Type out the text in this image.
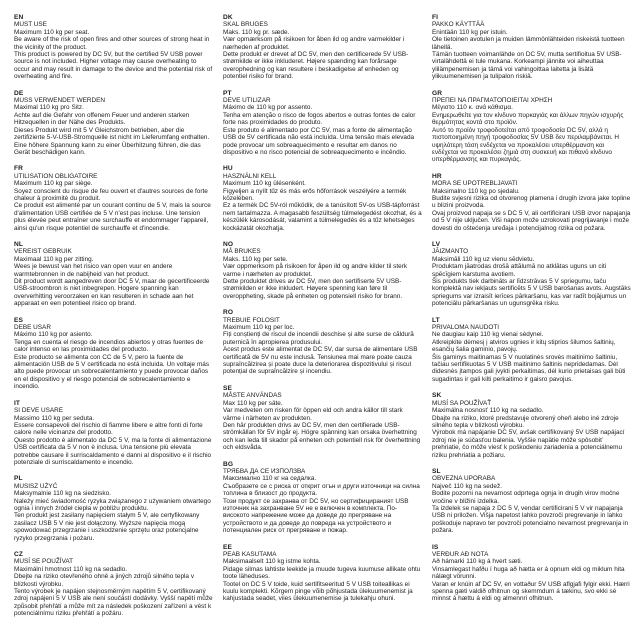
EN
MUST USE
Maximum 110 kg per seat.
Be aware of the risk of open fires and other sources of strong heat in the vicinity of the product.
This product is powered by DC 5V, but the certified 5V USB power source is not included. Higher voltage may cause overheating to occur and may result in damage to the device and the potential risk of overheating and fire.
DE
MUSS VERWENDET WERDEN
Maximal 110 kg pro Sitz.
Achte auf die Gefahr von offenem Feuer und anderen starken Hitzequellen in der Nähe des Produkts.
Dieses Produkt wird mit 5 V Gleichstrom betrieben, aber die zertifizierte 5-V-USB-Stromquelle ist nicht im Lieferumfang enthalten. Eine höhere Spannung kann zu einer Überhitzung führen, die das Gerät beschädigen kann.
FR
UTILISATION OBLIGATOIRE
Maximum 110 kg par siège.
Soyez conscient du risque de feu ouvert et d'autres sources de forte chaleur à proximité du produit.
Ce produit est alimenté par un courant continu de 5 V, mais la source d'alimentation USB certifiée de 5 V n'est pas incluse. Une tension plus élevée peut entraîner une surchauffe et endommager l'appareil, ainsi qu'un risque potentiel de surchauffe et d'incendie.
NL
VEREIST GEBRUIK
Maximaal 110 kg per zitting.
Wees je bewust van het risico van open vuur en andere warmtebronnen in de nabijheid van het product.
Dit product wordt aangedreven door DC 5 V, maar de gecertificeerde USB-stroombron is niet inbegrepen. Hogere spanning kan oververhitting veroorzaken en kan resulteren in schade aan het apparaat en een potentieel risico op brand.
ES
DEBE USAR
Máximo 110 kg por asiento.
Tenga en cuenta el riesgo de incendios abiertos y otras fuentes de calor intenso en las proximidades del producto.
Este producto se alimenta con CC de 5 V, pero la fuente de alimentación USB de 5 V certificada no está incluida. Un voltaje más alto puede provocar un sobrecalentamiento y puede provocar daños en el dispositivo y el riesgo potencial de sobrecalentamiento e incendio.
IT
SI DEVE USARE
Massimo 110 kg per seduta.
Essere consapevoli del rischio di fiamme libere e altre fonti di forte calore nelle vicinanze del prodotto.
Questo prodotto è alimentato da DC 5 V, ma la fonte di alimentazione USB certificata da 5 V non è inclusa. Una tensione più elevata potrebbe causare il surriscaldamento e danni al dispositivo e il rischio potenziale di surriscaldamento e incendio.
PL
MUSISZ UŻYĆ
Maksymalnie 110 kg na siedzisko.
Należy mieć świadomość ryzyka związanego z używaniem otwartego ognia i innych źródeł ciepła w pobliżu produktu.
Ten produkt jest zasilany napięciem stałym 5 V, ale certyfikowany zasilacz USB 5 V nie jest dołączony. Wyższe napięcia mogą spowodować przegrzanie i uszkodzenie sprzętu oraz potencjalne ryzyko przegrzania i pożaru.
CZ
MUSÍ SE POUŽÍVAT
Maximální hmotnost 110 kg na sedadlo.
Dbejte na riziko otevřeného ohně a jiných zdrojů silného tepla v blízkosti výrobku.
Tento výrobek je napájen stejnosměrným napětím 5 V, certifikovaný zdroj napájení 5 V USB ale není součástí dodávky. Vyšší napětí může způsobit přehřátí a může mít za následek poškození zařízení a vést k potenciálnímu riziku přehřátí a požáru.
DK
SKAL BRUGES
Maks. 110 kg pr. sæde.
Vær opmærksom på risikoen for åben ild og andre varmekilder i nærheden af produktet.
Dette produkt er drevet af DC 5V, men den certificerede 5V USB-strømkilde er ikke inkluderet. Højere spænding kan forårsage overophedning og kan resultere i beskadigelse af enheden og potentiel risiko for brand.
PT
DEVE UTILIZAR
Máximo de 110 kg por assento.
Tenha em atenção o risco de fogos abertos e outras fontes de calor forte nas proximidades do produto.
Este produto é alimentado por CC 5V, mas a fonte de alimentação USB de 5V certificada não está incluída. Uma tensão mais elevada pode provocar um sobreaquecimento e resultar em danos no dispositivo e no risco potencial de sobreaquecimento e incêndio.
HU
HASZNÁLNI KELL
Maximum 110 kg ülésenként.
Figyeljen a nyílt tűz és más erős hőforrások veszélyére a termék közelében.
Ez a termék DC 5V-ról működik, de a tanúsított 5V-os USB-tápforrást nem tartalmazza. A magasabb feszültség túlmelegedést okozhat, és a készülék károsodását, valamint a túlmelegedés és a tűz lehetséges kockázatát okozhatja.
NO
MÅ BRUKES
Maks. 110 kg per sete.
Vær oppmerksom på risikoen for åpen ild og andre kilder til sterk varme i nærheten av produktet.
Dette produktet drives av DC 5V, men den sertifiserte 5V USB-strømkilden er ikke inkludert. Høyere spenning kan føre til overoppheting, skade på enheten og potensiell risiko for brann.
RO
TREBUIE FOLOSIT
Maximum 110 kg per loc.
Fiți conștienți de riscul de incendii deschise și alte surse de căldură puternică în apropierea produsului.
Acest produs este alimentat de DC 5V, dar sursa de alimentare USB certificată de 5V nu este inclusă. Tensiunea mai mare poate cauza supraîncălzirea și poate duce la deteriorarea dispozitivului și riscul potențial de supraîncălzire și incendiu.
SE
MÅSTE ANVÄNDAS
Max 110 kg per säte.
Var medveten om risken för öppen eld och andra källor till stark värme i närheten av produkten.
Den här produkten drivs av DC 5V, men den certifierade USB-strömkällan för 5V ingår ej. Högre spänning kan orsaka överhettning och kan leda till skador på enheten och potentiell risk för överhettning och eldsvåda.
BG
ТРЯБВА ДА СЕ ИЗПОЛЗВА
Максимално 110 кг на седалка.
Съобразете се с риска от открит огън и други източници на силна топлина в близост до продукта.
Този продукт се захранва от DC 5V, но сертифицираният USB източник на захранване 5V не е включен в комплекта. По-високото напрежение може да доведе до прегряване на устройството и да доведе до повреда на устройството и потенциален риск от прегряване и пожар.
EE
PEAB KASUTAMA
Maksimaalselt 110 kg istme kohta.
Pidage silmas lahtiste leekide ja muude tugeva kuumuse allikate ohtu toote läheduses.
Tootel on DC 5 V toide, kuid sertifitseeritud 5 V USB toiteallikas ei kuulu komplekti. Kõrgem pinge võib põhjustada ülekuumenemist ja kahjustada seadet, viies ülekuumenemise ja tulekahju ohuni.
FI
PAKKO KÄYTTÄÄ
Enintään 110 kg per istuin.
Ole tietoinen avotulen ja muiden lämmönlähteiden riskeistä tuotteen lähellä.
Tämän tuotteen voimanlähde on DC 5V, mutta sertifioitua 5V USB-virtalähdettä ei tule mukana. Korkeampi jännite voi aiheuttaa ylilämpenemisen ja tämä voi vahingoittaa laitetta ja lisätä ylikuumenemisen ja tulipalon riskiä.
GR
ΠΡΕΠΕΙ ΝΑ ΠΡΑΓΜΑΤΟΠΟΙΕΙΤΑΙ ΧΡΗΣΗ
Μέγιστο 110 κ. ανά κάθισμα.
Ενημερωθείτε για τον κίνδυνο πυρκαγιάς και άλλων πηγών ισχυρής θερμότητας κοντά στο προϊόν.
Αυτό το προϊόν τροφοδοτείται από τροφοδοσία DC 5V, αλλά η πιστοποιημένη πηγή τροφοδοσίας 5V USB δεν περιλαμβάνεται. Η υψηλότερη τάση ενδέχεται να προκαλέσει υπερθέρμανση και ενδέχεται να προκαλέσει ζημιά στη συσκευή και πιθανό κίνδυνο υπερθέρμανσης και πυρκαγιάς.
HR
MORA SE UPOTREBLJAVATI
Maksimalno 110 kg po sjedalu.
Budite svjesni rizika od otvorenog plamena i drugih izvora jake topline u blizini proizvoda.
Ovaj proizvod napaja se s DC 5 V, ali certificirani USB izvor napajanja od 5 V nije uključen. Viši napon može uzrokovati pregrijavanje i može dovesti do oštećenja uređaja i potencijalnog rizika od požara.
LV
JĀIZMANTO
Maksimāli 110 kg uz vienu sēdvietu.
Produktam jāatrodas drošā attālumā no atklātas uguns un citi spēcīgiem karstuma avotiem.
Šis produkts tiek darbināts ar līdzstrāvas 5 V spriegumu, taču komplektā nav iekļauts sertificēts 5 V USB barošanas avots. Augstāks spriegums var izraisīt ierīces pārkaršanu, kas var radīt bojājumus un potenciālu pārkaršanas un ugunsgrēka risku.
LT
PRIVALOMA NAUDOTI
Ne daugiau kaip 110 kg vienai sėdynei.
Atkreipkite dėmesį į atviros ugnies ir kitų stiprios šilumos šaltinių, esančių šalia gaminio, pavojų.
Šis gaminys maitinamas 5 V nuolatinės srovės maitinimo šaltiniu, tačiau sertifikuotas 5 V USB maitinimo šaltinis nepridedamas. Dėl didesnės įtampos gali įvykti perkaitimas, dėl kurio prietaisas gali būti sugadintas ir gali kilti perkaitimo ir gaisro pavojus.
SK
MUSÍ SA POUŽÍVAŤ
Maximálna nosnosť 110 kg na sedadlo.
Dbajte na riziko, ktoré predstavuje otvorený oheň alebo iné zdroje silného tepla v blízkosti výrobku.
Výrobok má napájanie DC 5V, avšak certifikovaný 5V USB napájací zdroj nie je súčasťou balenia. Vyššie napätie môže spôsobiť prehriatie, čo môže viesť k poškodeniu zariadenia a potenciálnemu riziku prehriatia a požiaru.
SL
OBVEZNA UPORABA
Največ 110 kg na sedež.
Bodite pozorni na nevarnost odprtega ognja in drugih virov močne vročine v bližini izdelka.
Ta izdelek se napaja z DC 5 V, vendar certificirani 5 V vir napajanja USB ni priložen. Višja napetost lahko povzroči pregrevanje in lahko poškoduje napravo ter povzroči potencialno nevarnost pregrevanja in požara.
IS
VERÐUR AÐ NOTA
Að hámarki 110 kg á hvert sæti.
Vinsamlegast hafðu í huga að hætta er á opnum eldi og miklum hita nálægt vörunni.
Varan er knúin af DC 5V, en vottaður 5V USB aflgjafi fylgir ekki. Hærri spenna gæti valdið ofhitnun og skemmdum á tækinu, svo ekki sé minnst á hættu á eldi og almennri ofhitnun.
